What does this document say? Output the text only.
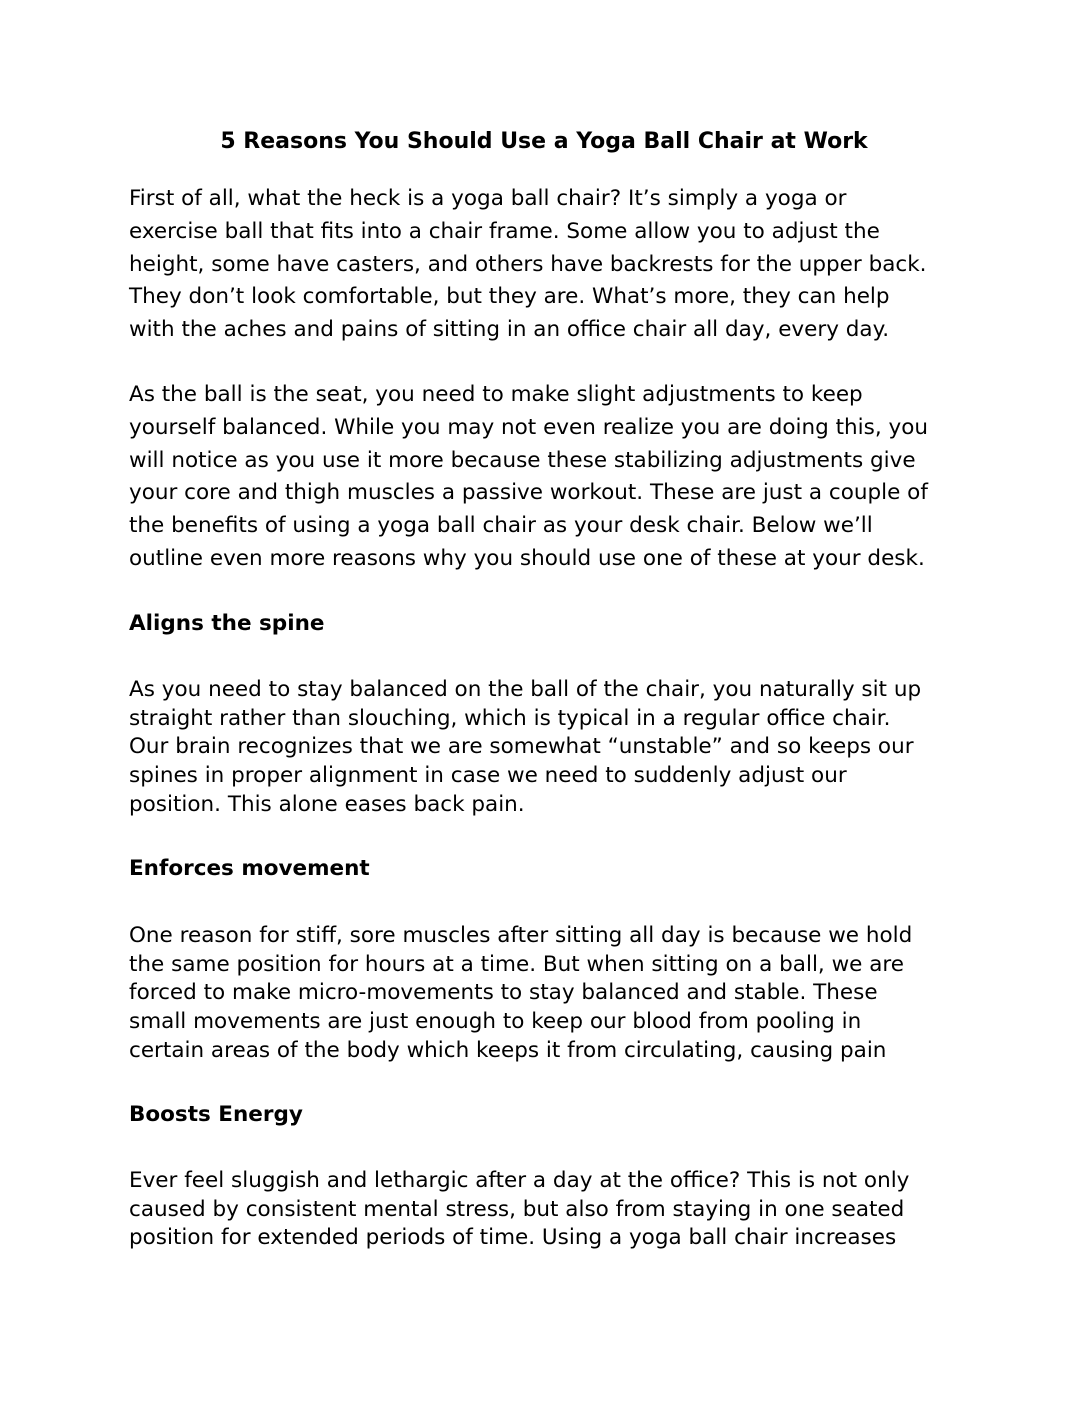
5 Reasons You Should Use a Yoga Ball Chair at Work

First of all, what the heck is a yoga ball chair? It’s simply a yoga or
exercise ball that fits into a chair frame. Some allow you to adjust the
height, some have casters, and others have backrests for the upper back.
They don’t look comfortable, but they are. What’s more, they can help
with the aches and pains of sitting in an office chair all day, every day.

As the ball is the seat, you need to make slight adjustments to keep
yourself balanced. While you may not even realize you are doing this, you
will notice as you use it more because these stabilizing adjustments give
your core and thigh muscles a passive workout. These are just a couple of
the benefits of using a yoga ball chair as your desk chair. Below we’ll
outline even more reasons why you should use one of these at your desk.

Aligns the spine

As you need to stay balanced on the ball of the chair, you naturally sit up
straight rather than slouching, which is typical in a regular office chair.
Our brain recognizes that we are somewhat “unstable” and so keeps our
spines in proper alignment in case we need to suddenly adjust our
position. This alone eases back pain.

Enforces movement

One reason for stiff, sore muscles after sitting all day is because we hold
the same position for hours at a time. But when sitting on a ball, we are
forced to make micro-movements to stay balanced and stable. These
small movements are just enough to keep our blood from pooling in
certain areas of the body which keeps it from circulating, causing pain

Boosts Energy

Ever feel sluggish and lethargic after a day at the office? This is not only
caused by consistent mental stress, but also from staying in one seated
position for extended periods of time. Using a yoga ball chair increases
